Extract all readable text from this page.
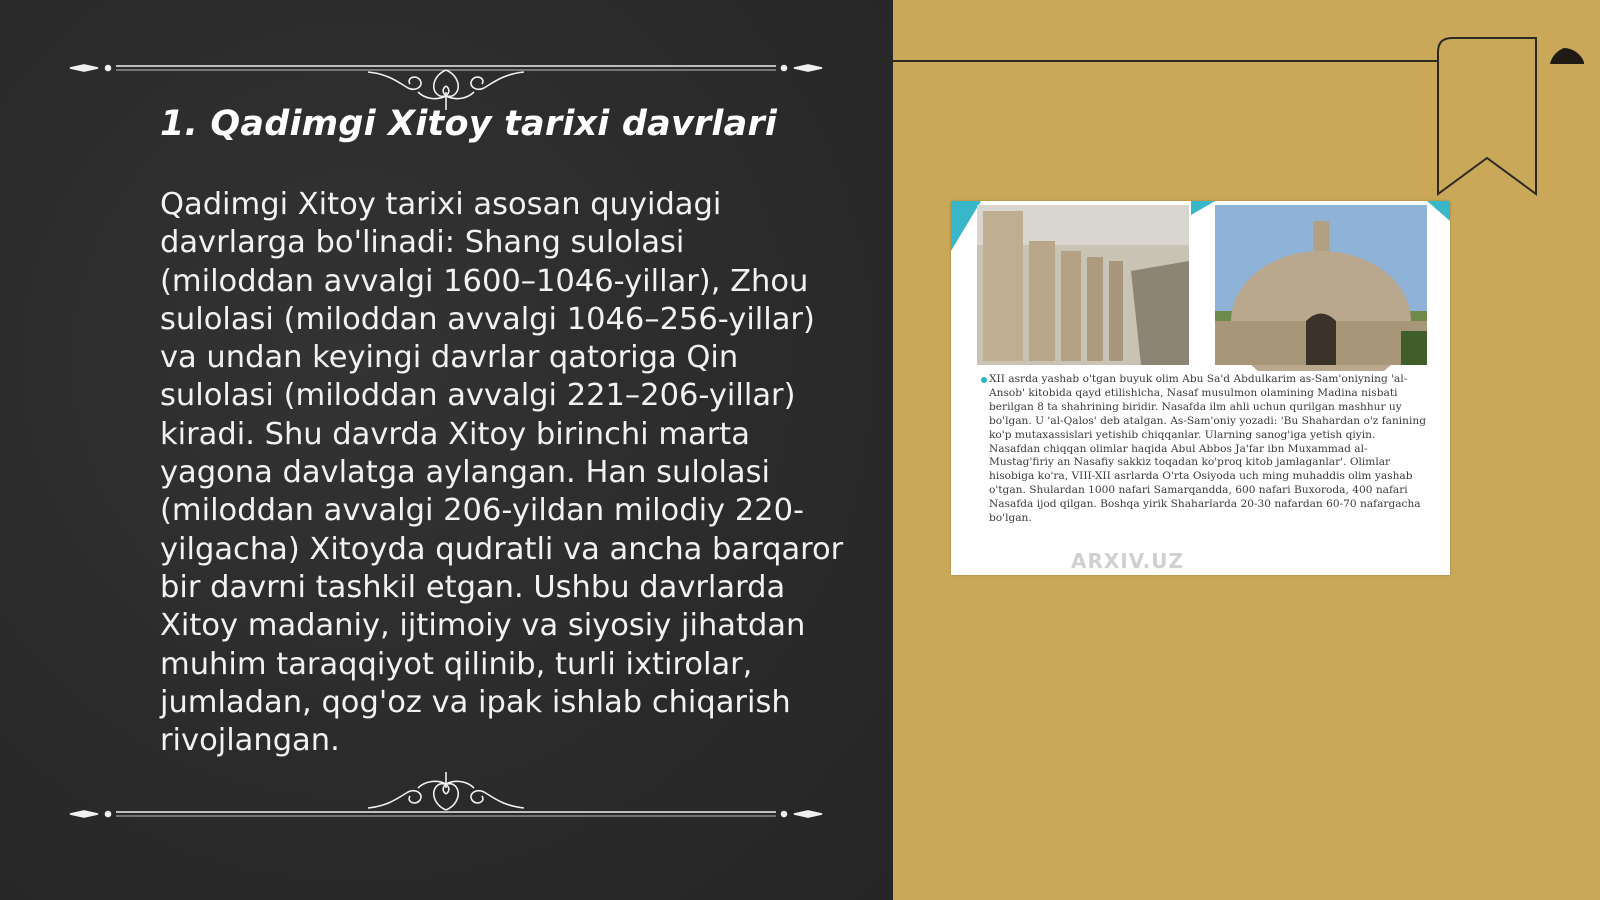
1. Qadimgi Xitoy tarixi davrlari

Qadimgi Xitoy tarixi asosan quyidagi davrlarga bo'linadi: Shang sulolasi (miloddan avvalgi 1600–1046-yillar), Zhou sulolasi (miloddan avvalgi 1046–256-yillar) va undan keyingi davrlar qatoriga Qin sulolasi (miloddan avvalgi 221–206-yillar) kiradi. Shu davrda Xitoy birinchi marta yagona davlatga aylangan. Han sulolasi (miloddan avvalgi 206-yildan milodiy 220-yilgacha) Xitoyda qudratli va ancha barqaror bir davrni tashkil etgan. Ushbu davrlarda Xitoy madaniy, ijtimoiy va siyosiy jihatdan muhim taraqqiyot qilinib, turli ixtirolar, jumladan, qog'oz va ipak ishlab chiqarish rivojlangan.

XII asrda yashab o'tgan buyuk olim Abu Sa'd Abdulkarim as-Sam'oniyning 'al-Ansob' kitobida qayd etilishicha, Nasaf musulmon olamining Madina nisbati berilgan 8 ta shahrining biridir. Nasafda ilm ahli uchun qurilgan mashhur uy bo'lgan. U 'al-Qalos' deb atalgan. As-Sam'oniy yozadi: 'Bu Shahardan o'z fanining ko'p mutaxassislari yetishib chiqqanlar. Ularning sanog'iga yetish qiyin. Nasafdan chiqqan olimlar haqida Abul Abbos Ja'far ibn Muxammad al-Mustag'firiy an Nasafiy sakkiz toqadan ko'proq kitob jamlaganlar'. Olimlar hisobiga ko'ra, VIII-XII asrlarda O'rta Osiyoda uch ming muhaddis olim yashab o'tgan. Shulardan 1000 nafari Samarqandda, 600 nafari Buxoroda, 400 nafari Nasafda ijod qilgan. Boshqa yirik Shaharlarda 20-30 nafardan 60-70 nafargacha bo'lgan.
ARXIV.UZ
